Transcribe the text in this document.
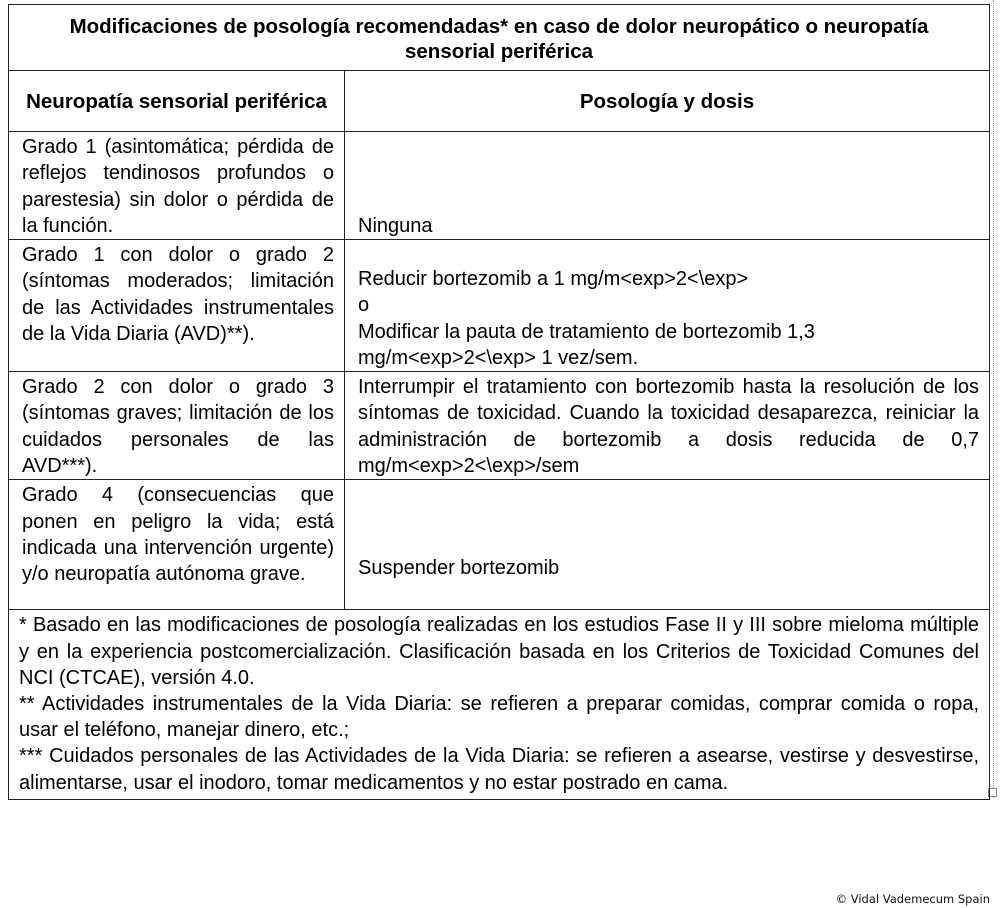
Modificaciones de posología recomendadas* en caso de dolor neuropático o neuropatía sensorial periférica	
Neuropatía sensorial periférica	Posología y dosis
Grado 1 (asintomática; pérdida de reflejos tendinosos profundos o parestesia) sin dolor o pérdida de la función.	Ninguna

Grado 1 con dolor o grado 2 (síntomas moderados; limitación de las Actividades instrumentales de la Vida Diaria (AVD)**).	Reducir bortezomib a 1 mg/m<exp>2<\exp>
o
Modificar la pauta de tratamiento de bortezomib 1,3 mg/m<exp>2<\exp> 1 vez/sem.

Grado 2 con dolor o grado 3 (síntomas graves; limitación de los cuidados personales de las AVD***).	Interrumpir el tratamiento con bortezomib hasta la resolución de los síntomas de toxicidad. Cuando la toxicidad desaparezca, reiniciar la administración de bortezomib a dosis reducida de 0,7 mg/m<exp>2<\exp>/sem

Grado 4 (consecuencias que ponen en peligro la vida; está indicada una intervención urgente) y/o neuropatía autónoma grave.	Suspender bortezomib

* Basado en las modificaciones de posología realizadas en los estudios Fase II y III sobre mieloma múltiple y en la experiencia postcomercialización. Clasificación basada en los Criterios de Toxicidad Comunes del NCI (CTCAE), versión 4.0.
** Actividades instrumentales de la Vida Diaria: se refieren a preparar comidas, comprar comida o ropa, usar el teléfono, manejar dinero, etc.;
*** Cuidados personales de las Actividades de la Vida Diaria: se refieren a asearse, vestirse y desvestirse, alimentarse, usar el inodoro, tomar medicamentos y no estar postrado en cama.	
© Vidal Vademecum Spain
